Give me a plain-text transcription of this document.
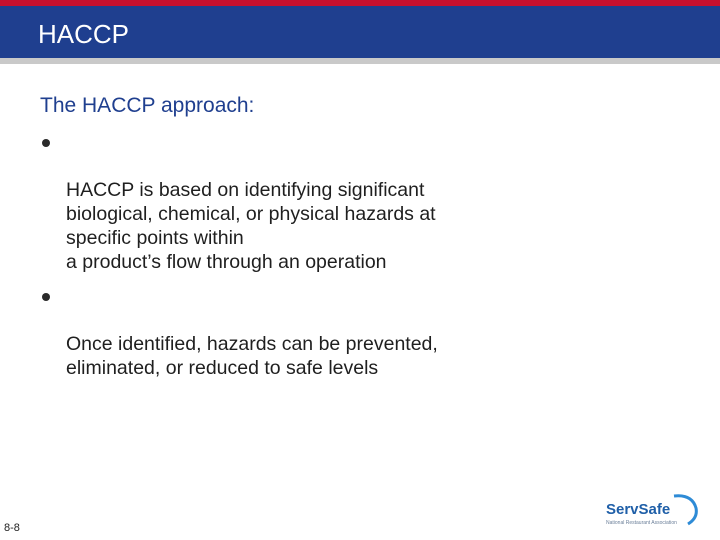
HACCP
The HACCP approach:

HACCP is based on identifying significant
biological, chemical, or physical hazards at
specific points within
a product’s flow through an operation

Once identified, hazards can be prevented,
eliminated, or reduced to safe levels

8-8
ServSafe
National Restaurant Association
